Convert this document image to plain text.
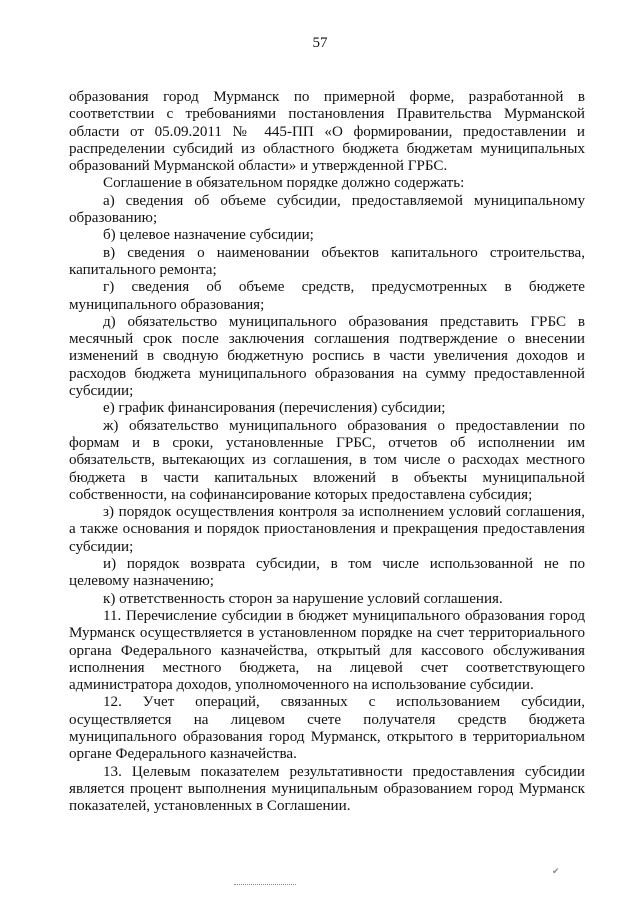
57

образования город Мурманск по примерной форме, разработанной в соответствии с требованиями постановления Правительства Мурманской области от 05.09.2011 № 445-ПП «О формировании, предоставлении и распределении субсидий из областного бюджета бюджетам муниципальных образований Мурманской области» и утвержденной ГРБС.

Соглашение в обязательном порядке должно содержать:

а) сведения об объеме субсидии, предоставляемой муниципальному образованию;

б) целевое назначение субсидии;

в) сведения о наименовании объектов капитального строительства, капитального ремонта;

г) сведения об объеме средств, предусмотренных в бюджете муниципального образования;

д) обязательство муниципального образования представить ГРБС в месячный срок после заключения соглашения подтверждение о внесении изменений в сводную бюджетную роспись в части увеличения доходов и расходов бюджета муниципального образования на сумму предоставленной субсидии;

е) график финансирования (перечисления) субсидии;

ж) обязательство муниципального образования о предоставлении по формам и в сроки, установленные ГРБС, отчетов об исполнении им обязательств, вытекающих из соглашения, в том числе о расходах местного бюджета в части капитальных вложений в объекты муниципальной собственности, на софинансирование которых предоставлена субсидия;

з) порядок осуществления контроля за исполнением условий соглашения, а также основания и порядок приостановления и прекращения предоставления субсидии;

и) порядок возврата субсидии, в том числе использованной не по целевому назначению;

к) ответственность сторон за нарушение условий соглашения.

11. Перечисление субсидии в бюджет муниципального образования город Мурманск осуществляется в установленном порядке на счет территориального органа Федерального казначейства, открытый для кассового обслуживания исполнения местного бюджета, на лицевой счет соответствующего администратора доходов, уполномоченного на использование субсидии.

12. Учет операций, связанных с использованием субсидии, осуществляется на лицевом счете получателя средств бюджета муниципального образования город Мурманск, открытого в территориальном органе Федерального казначейства.

13. Целевым показателем результативности предоставления субсидии является процент выполнения муниципальным образованием город Мурманск показателей, установленных в Соглашении.

✔
